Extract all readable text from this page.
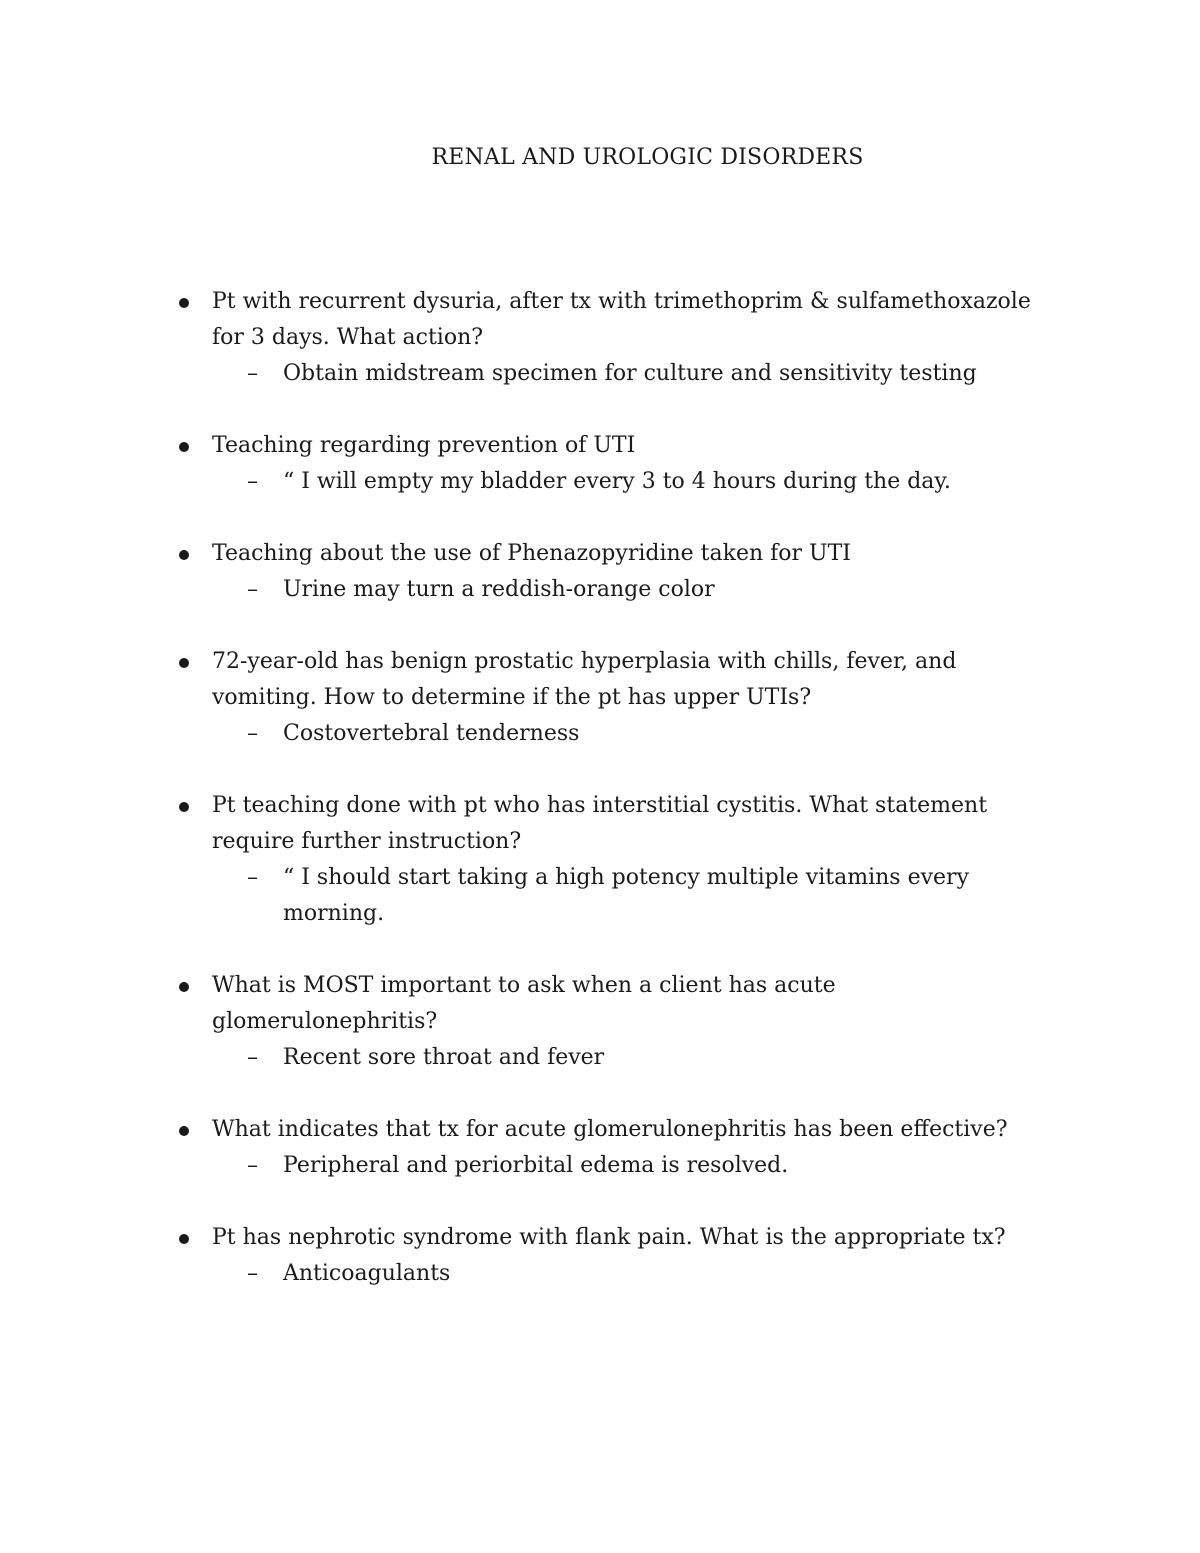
RENAL AND UROLOGIC DISORDERS
Pt with recurrent dysuria, after tx with trimethoprim & sulfamethoxazole for 3 days. What action?
– Obtain midstream specimen for culture and sensitivity testing
Teaching regarding prevention of UTI
– “ I will empty my bladder every 3 to 4 hours during the day.
Teaching about the use of Phenazopyridine taken for UTI
– Urine may turn a reddish-orange color
72-year-old has benign prostatic hyperplasia with chills, fever, and vomiting. How to determine if the pt has upper UTIs?
– Costovertebral tenderness
Pt teaching done with pt who has interstitial cystitis. What statement require further instruction?
– “ I should start taking a high potency multiple vitamins every morning.
What is MOST important to ask when a client has acute glomerulonephritis?
– Recent sore throat and fever
What indicates that tx for acute glomerulonephritis has been effective?
– Peripheral and periorbital edema is resolved.
Pt has nephrotic syndrome with flank pain. What is the appropriate tx?
– Anticoagulants
